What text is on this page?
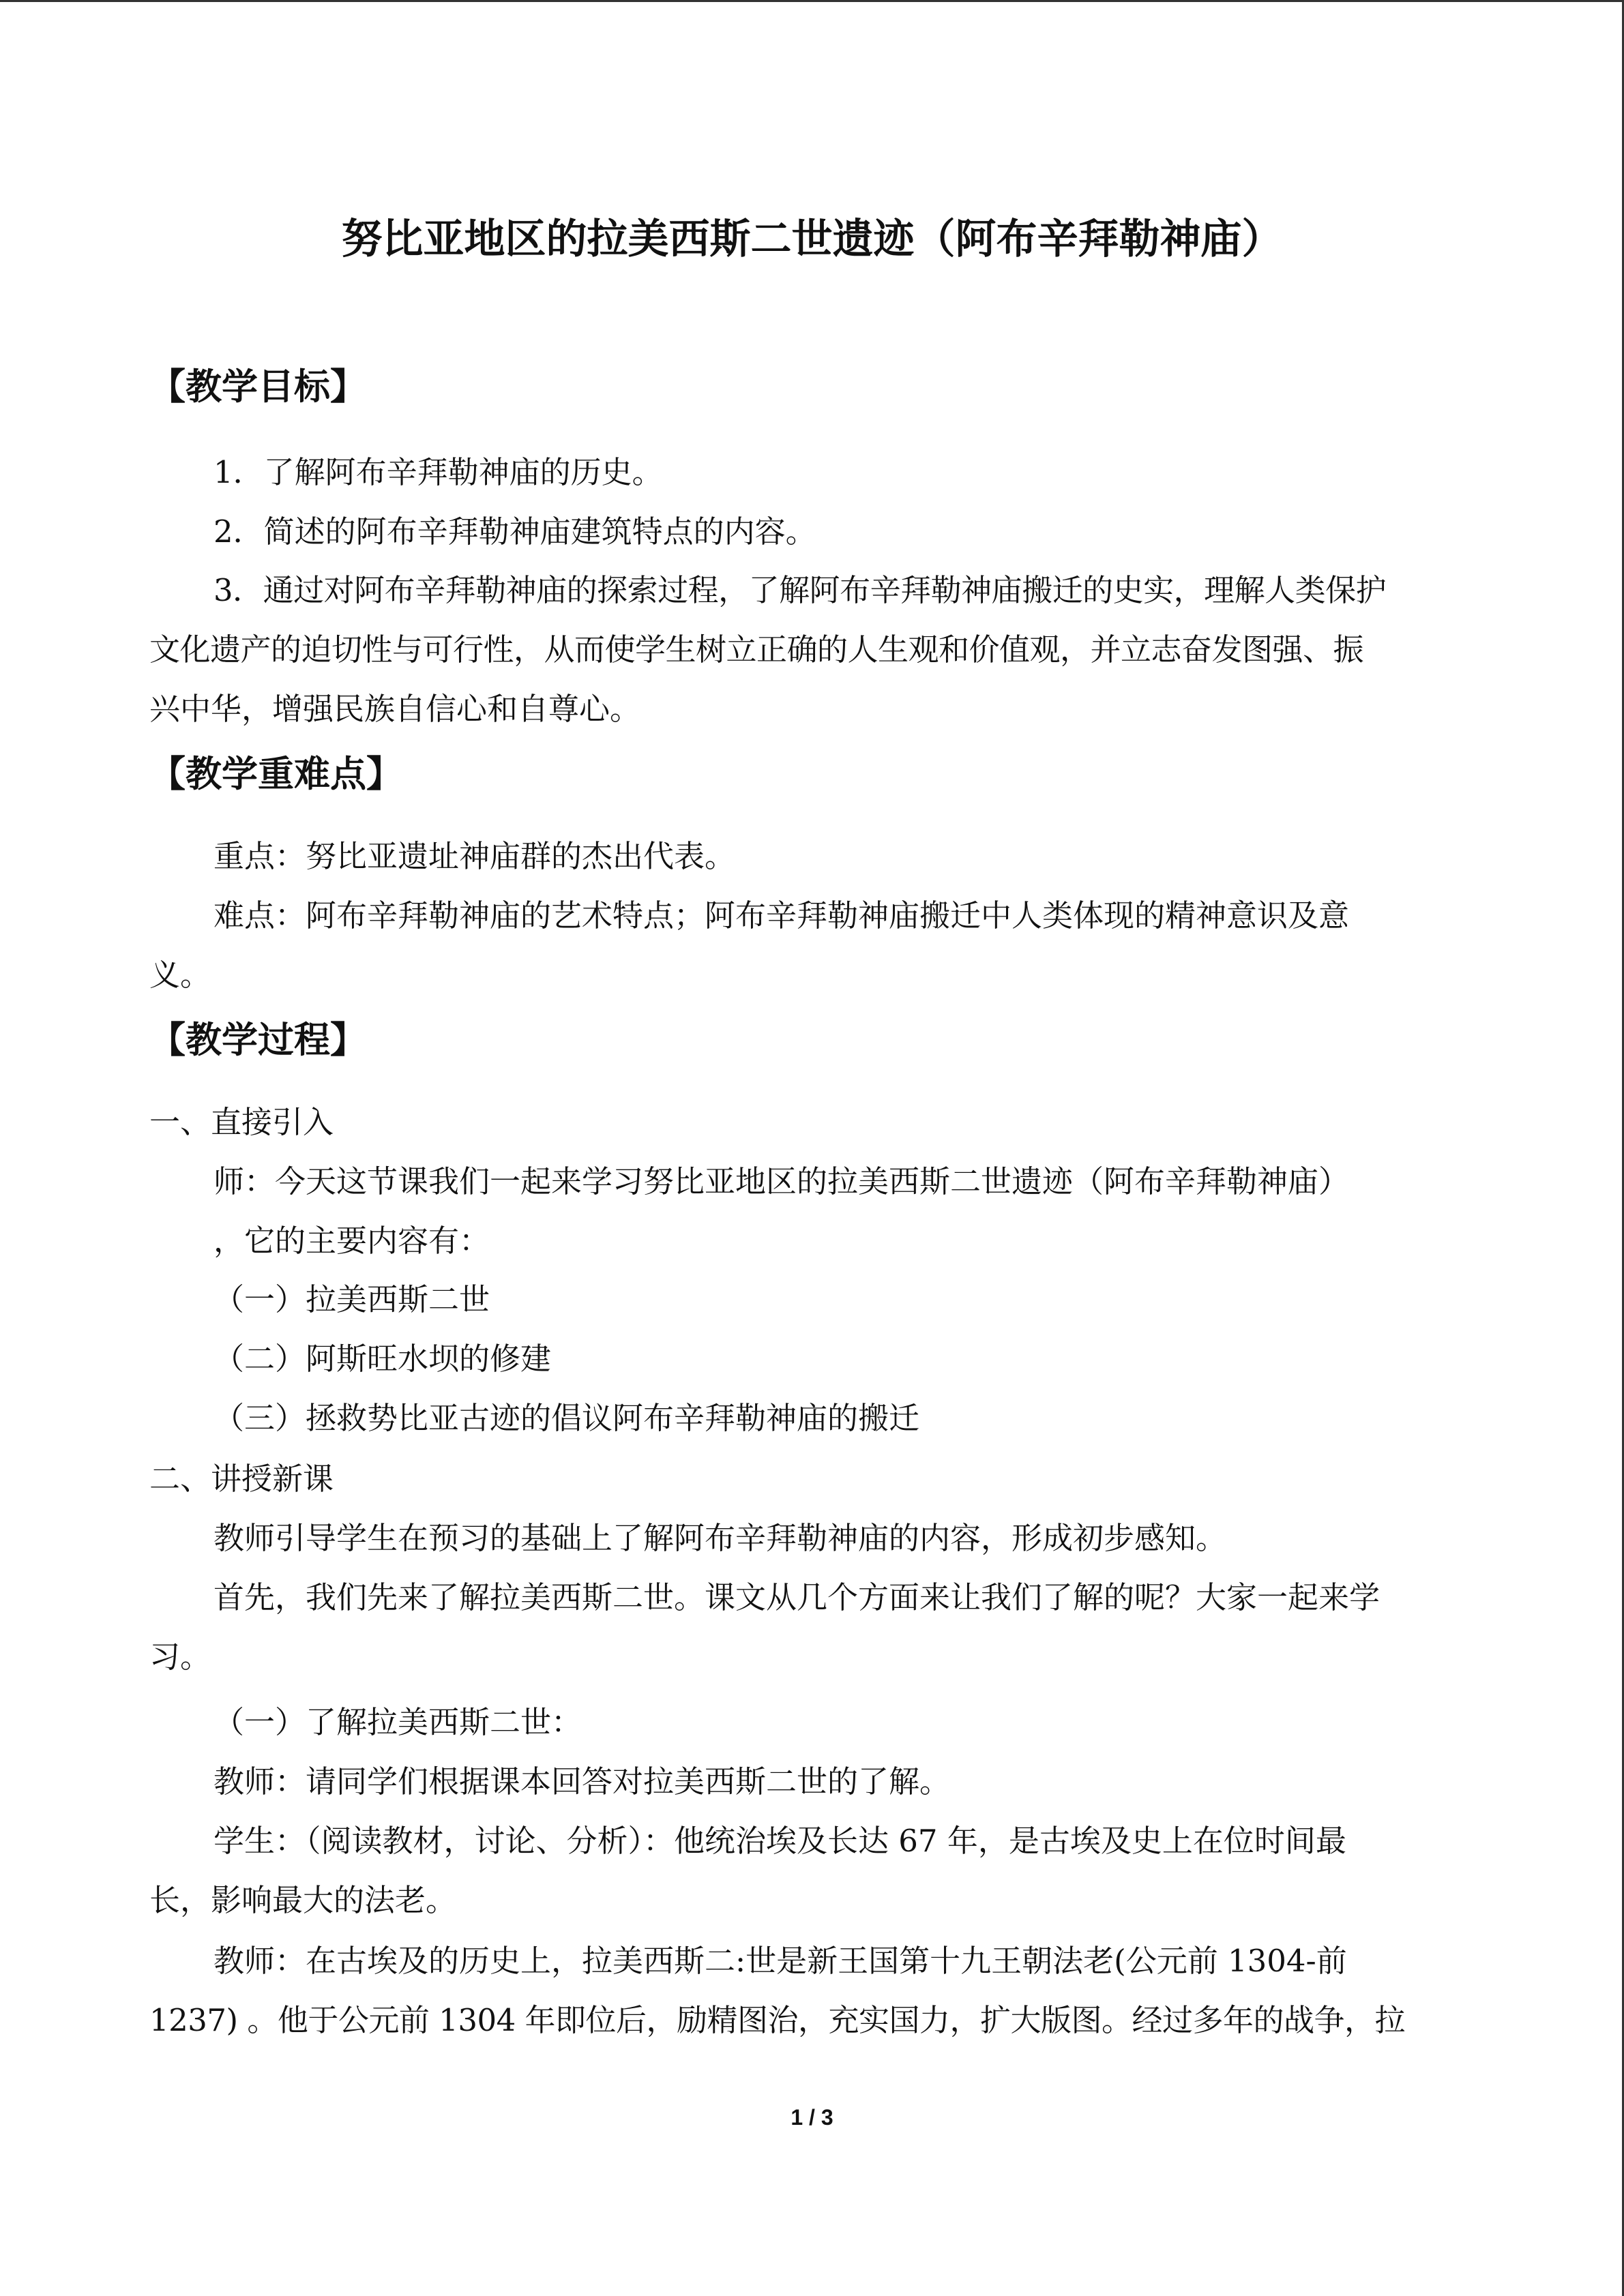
努比亚地区的拉美西斯二世遗迹（阿布辛拜勒神庙）
【教学目标】
1．了解阿布辛拜勒神庙的历史。
2．简述的阿布辛拜勒神庙建筑特点的内容。
3．通过对阿布辛拜勒神庙的探索过程，了解阿布辛拜勒神庙搬迁的史实，理解人类保护
文化遗产的迫切性与可行性，从而使学生树立正确的人生观和价值观，并立志奋发图强、振
兴中华，增强民族自信心和自尊心。
【教学重难点】
重点：努比亚遗址神庙群的杰出代表。
难点：阿布辛拜勒神庙的艺术特点；阿布辛拜勒神庙搬迁中人类体现的精神意识及意
义。
【教学过程】
一、直接引入
师：今天这节课我们一起来学习努比亚地区的拉美西斯二世遗迹（阿布辛拜勒神庙）
，它的主要内容有：
（一）拉美西斯二世
（二）阿斯旺水坝的修建
（三）拯救势比亚古迹的倡议阿布辛拜勒神庙的搬迁
二、讲授新课
教师引导学生在预习的基础上了解阿布辛拜勒神庙的内容，形成初步感知。
首先，我们先来了解拉美西斯二世。课文从几个方面来让我们了解的呢？大家一起来学
习。
（一）了解拉美西斯二世：
教师：请同学们根据课本回答对拉美西斯二世的了解。
学生：（阅读教材，讨论、分析）：他统治埃及长达 67 年，是古埃及史上在位时间最
长，影响最大的法老。
教师：在古埃及的历史上，拉美西斯二:世是新王国第十九王朝法老(公元前 1304-前
1237) 。他于公元前 1304 年即位后，励精图治，充实国力，扩大版图。经过多年的战争，拉
1 / 3
